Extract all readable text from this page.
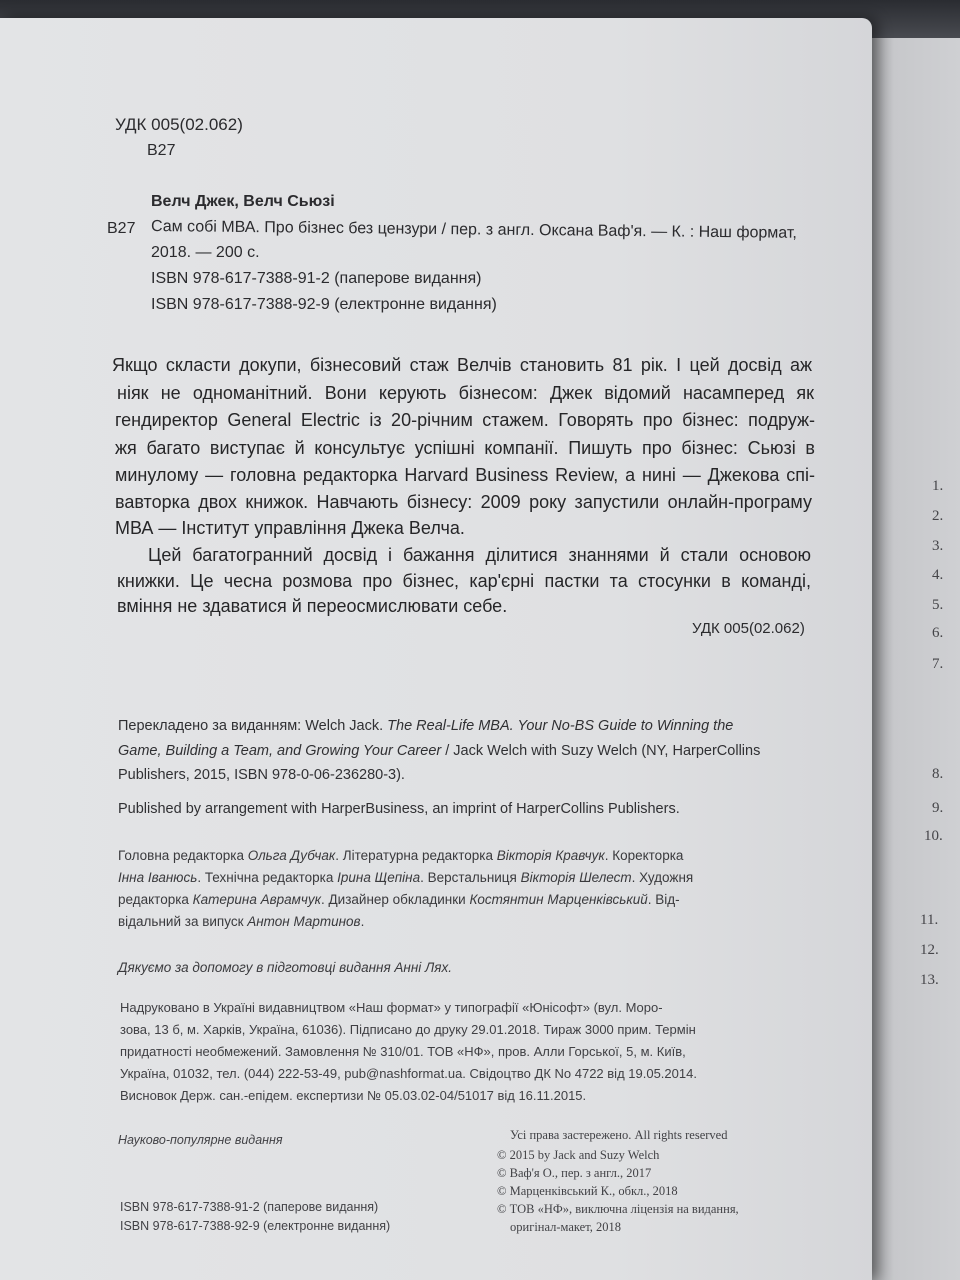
1.
2.
3.
4.
5.
6.
7.
8.
9.
10.
11.
12.
13.
УДК 005(02.062)
В27
Велч Джек, Велч Сьюзі
В27 Сам собі МВА. Про бізнес без цензури / пер. з англ. Оксана Ваф'я. — К. : Наш формат,
2018. — 200 с.
ISBN 978-617-7388-91-2 (паперове видання)
ISBN 978-617-7388-92-9 (електронне видання)
Якщо скласти докупи, бізнесовий стаж Велчів становить 81 рік. І цей досвід аж
ніяк не одноманітний. Вони керують бізнесом: Джек відомий насамперед як
гендиректор General Electric із 20-річним стажем. Говорять про бізнес: подруж-
жя багато виступає й консультує успішні компанії. Пишуть про бізнес: Сьюзі в
минулому — головна редакторка Harvard Business Review, а нині — Джекова спі-
вавторка двох книжок. Навчають бізнесу: 2009 року запустили онлайн-програму
МВА — Інститут управління Джека Велча.
Цей багатогранний досвід і бажання ділитися знаннями й стали основою
книжки. Це чесна розмова про бізнес, кар'єрні пастки та стосунки в команді,
вміння не здаватися й переосмислювати себе.
УДК 005(02.062)
Перекладено за виданням: Welch Jack. The Real-Life MBA. Your No-BS Guide to Winning the
Game, Building a Team, and Growing Your Career / Jack Welch with Suzy Welch (NY, HarperCollins
Publishers, 2015, ISBN 978-0-06-236280-3).
Published by arrangement with HarperBusiness, an imprint of HarperCollins Publishers.
Головна редакторка Ольга Дубчак. Літературна редакторка Вікторія Кравчук. Коректорка
Інна Іванюсь. Технічна редакторка Ірина Щепіна. Верстальниця Вікторія Шелест. Художня
редакторка Катерина Аврамчук. Дизайнер обкладинки Костянтин Марценківський. Від-
відальний за випуск Антон Мартинов.
Дякуємо за допомогу в підготовці видання Анні Лях.
Надруковано в Україні видавництвом «Наш формат» у типографії «Юнісофт» (вул. Моро-
зова, 13 б, м. Харків, Україна, 61036). Підписано до друку 29.01.2018. Тираж 3000 прим. Термін
придатності необмежений. Замовлення № 310/01. ТОВ «НФ», пров. Алли Горської, 5, м. Київ,
Україна, 01032, тел. (044) 222-53-49, pub@nashformat.ua. Свідоцтво ДК No 4722 від 19.05.2014.
Висновок Держ. сан.-епідем. експертизи № 05.03.02-04/51017 від 16.11.2015.
Науково-популярне видання	Усі права застережено. All rights reserved
© 2015 by Jack and Suzy Welch
© Ваф'я О., пер. з англ., 2017
© Марценківський К., обкл., 2018
© ТОВ «НФ», виключна ліцензія на видання,
оригінал-макет, 2018
ISBN 978-617-7388-91-2 (паперове видання)
ISBN 978-617-7388-92-9 (електронне видання)
